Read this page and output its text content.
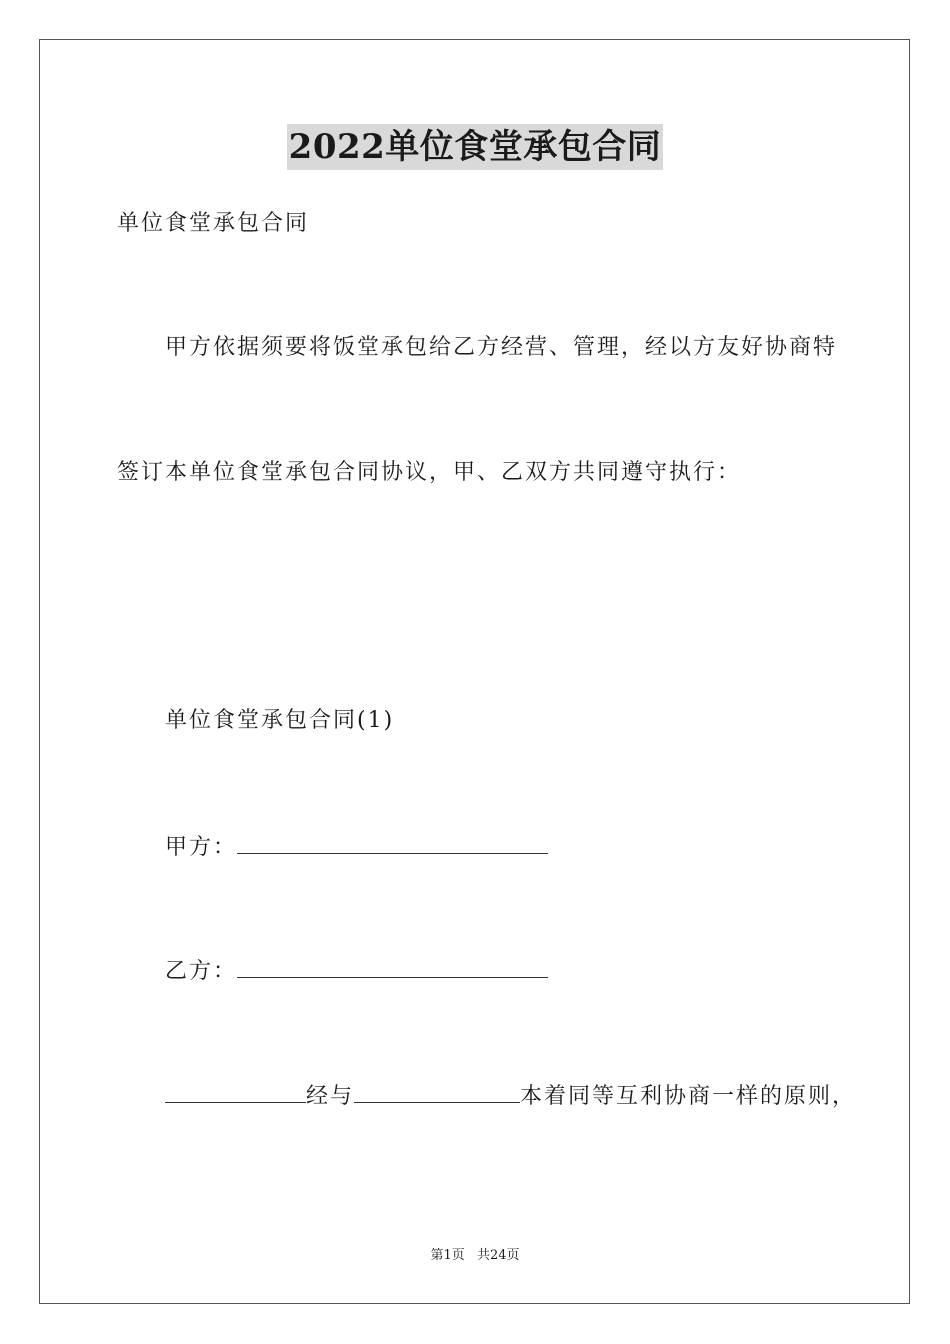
2022单位食堂承包合同
单位食堂承包合同
甲方依据须要将饭堂承包给乙方经营、管理，经以方友好协商特
签订本单位食堂承包合同协议，甲、乙双方共同遵守执行：
单位食堂承包合同(1)
甲方：
乙方：
经与	本着同等互利协商一样的原则，
第1页 共24页
